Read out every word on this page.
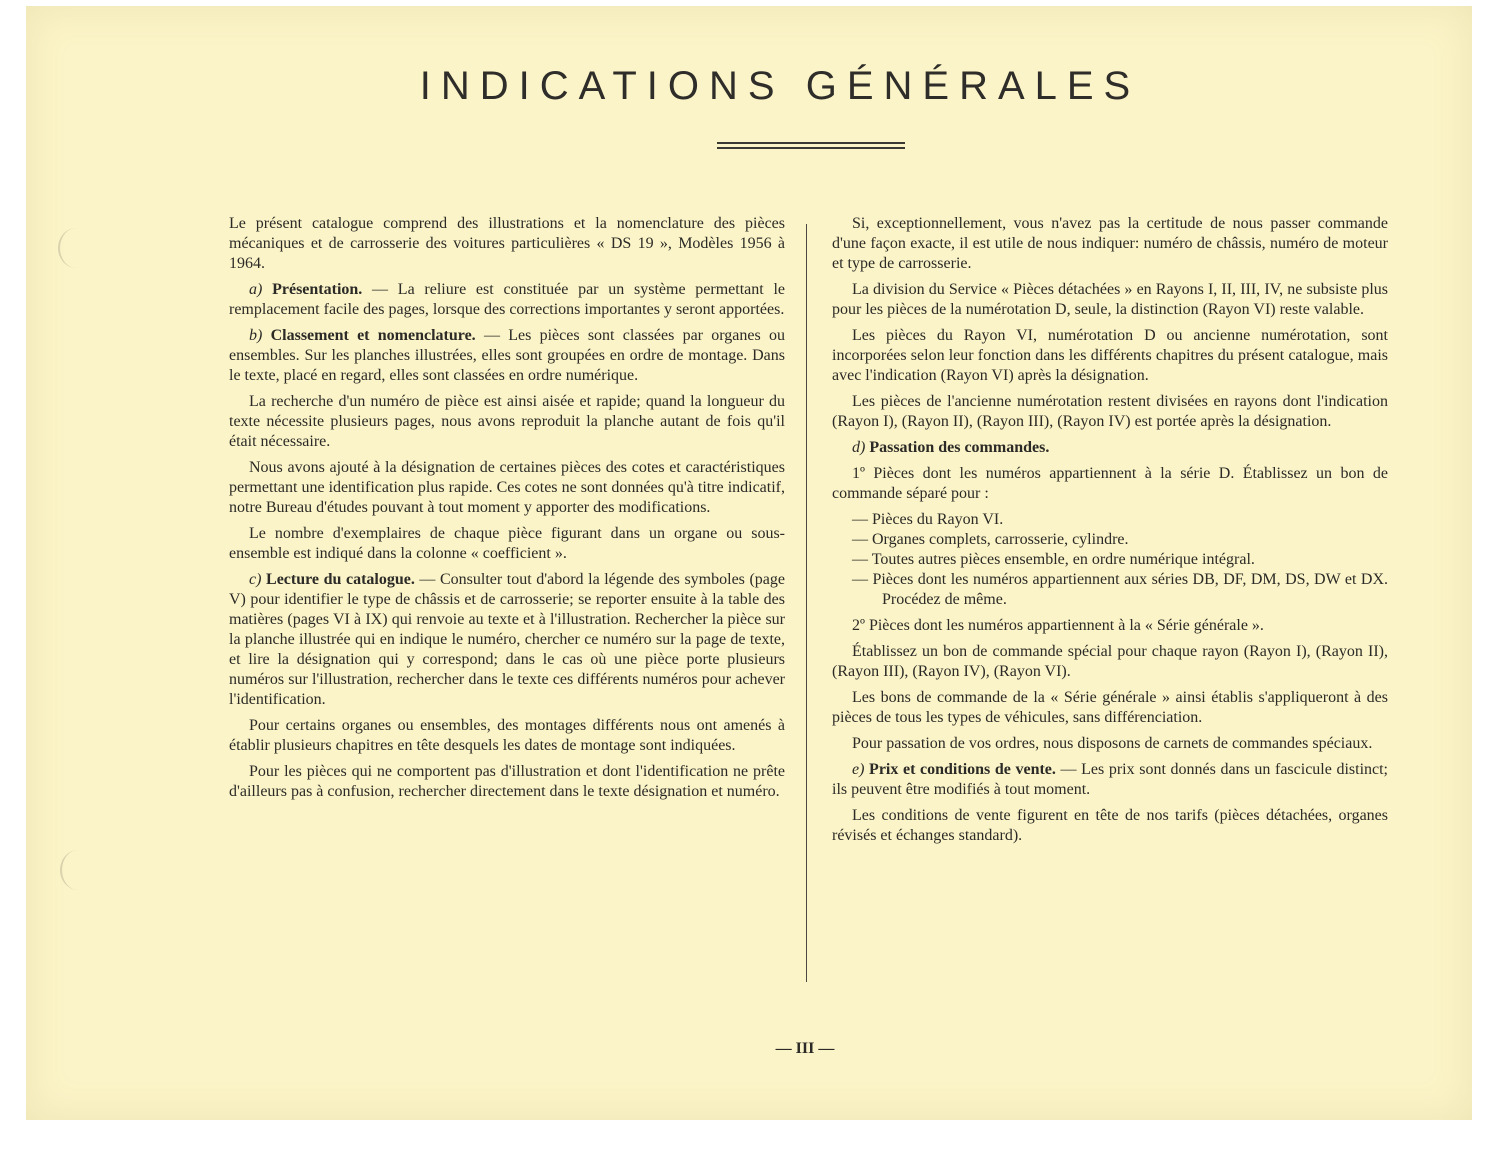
INDICATIONS GÉNÉRALES

Le présent catalogue comprend des illustrations et la nomenclature des pièces mécaniques et de carrosserie des voitures particulières « DS 19 », Modèles 1956 à 1964.

a) Présentation. — La reliure est constituée par un système permettant le remplacement facile des pages, lorsque des corrections importantes y seront apportées.

b) Classement et nomenclature. — Les pièces sont classées par organes ou ensembles. Sur les planches illustrées, elles sont groupées en ordre de montage. Dans le texte, placé en regard, elles sont classées en ordre numérique.

La recherche d'un numéro de pièce est ainsi aisée et rapide; quand la longueur du texte nécessite plusieurs pages, nous avons reproduit la planche autant de fois qu'il était nécessaire.

Nous avons ajouté à la désignation de certaines pièces des cotes et caractéristiques permettant une identification plus rapide. Ces cotes ne sont données qu'à titre indicatif, notre Bureau d'études pouvant à tout moment y apporter des modifications.

Le nombre d'exemplaires de chaque pièce figurant dans un organe ou sous-ensemble est indiqué dans la colonne « coefficient ».

c) Lecture du catalogue. — Consulter tout d'abord la légende des symboles (page V) pour identifier le type de châssis et de carrosserie; se reporter ensuite à la table des matières (pages VI à IX) qui renvoie au texte et à l'illustration. Rechercher la pièce sur la planche illustrée qui en indique le numéro, chercher ce numéro sur la page de texte, et lire la désignation qui y correspond; dans le cas où une pièce porte plusieurs numéros sur l'illustration, rechercher dans le texte ces différents numéros pour achever l'identification.

Pour certains organes ou ensembles, des montages différents nous ont amenés à établir plusieurs chapitres en tête desquels les dates de montage sont indiquées.

Pour les pièces qui ne comportent pas d'illustration et dont l'identification ne prête d'ailleurs pas à confusion, rechercher directement dans le texte désignation et numéro.

Si, exceptionnellement, vous n'avez pas la certitude de nous passer commande d'une façon exacte, il est utile de nous indiquer: numéro de châssis, numéro de moteur et type de carrosserie.

La division du Service « Pièces détachées » en Rayons I, II, III, IV, ne subsiste plus pour les pièces de la numérotation D, seule, la distinction (Rayon VI) reste valable.

Les pièces du Rayon VI, numérotation D ou ancienne numérotation, sont incorporées selon leur fonction dans les différents chapitres du présent catalogue, mais avec l'indication (Rayon VI) après la désignation.

Les pièces de l'ancienne numérotation restent divisées en rayons dont l'indication (Rayon I), (Rayon II), (Rayon III), (Rayon IV) est portée après la désignation.

d) Passation des commandes.

1º Pièces dont les numéros appartiennent à la série D. Établissez un bon de commande séparé pour :

— Pièces du Rayon VI.
— Organes complets, carrosserie, cylindre.
— Toutes autres pièces ensemble, en ordre numérique intégral.
— Pièces dont les numéros appartiennent aux séries DB, DF, DM, DS, DW et DX. Procédez de même.

2º Pièces dont les numéros appartiennent à la « Série générale ».

Établissez un bon de commande spécial pour chaque rayon (Rayon I), (Rayon II), (Rayon III), (Rayon IV), (Rayon VI).

Les bons de commande de la « Série générale » ainsi établis s'appliqueront à des pièces de tous les types de véhicules, sans différenciation.

Pour passation de vos ordres, nous disposons de carnets de commandes spéciaux.

e) Prix et conditions de vente. — Les prix sont donnés dans un fascicule distinct; ils peuvent être modifiés à tout moment.

Les conditions de vente figurent en tête de nos tarifs (pièces détachées, organes révisés et échanges standard).

— III —
